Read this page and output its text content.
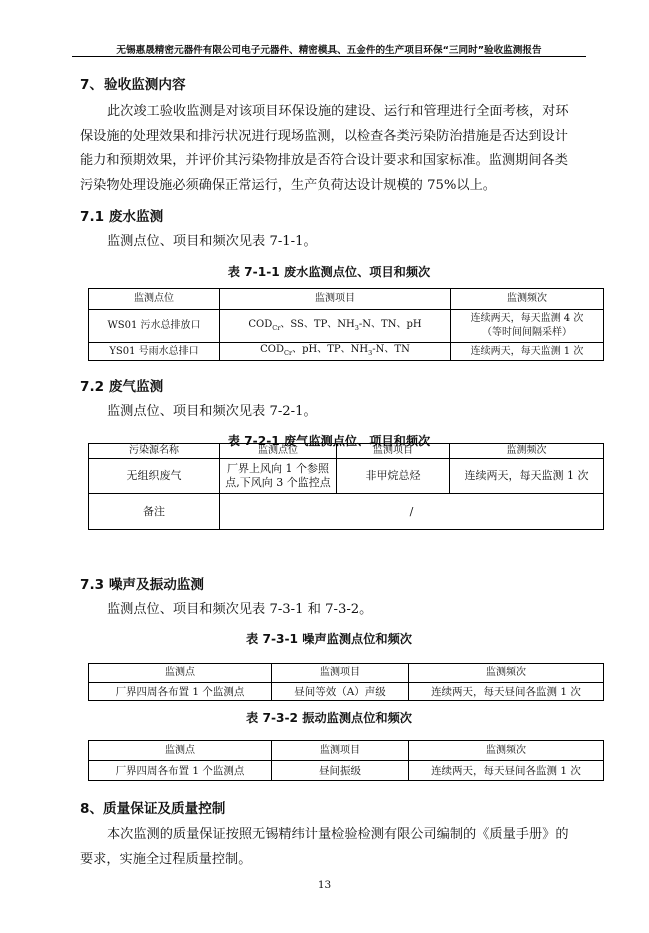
无锡惠晟精密元器件有限公司电子元器件、精密模具、五金件的生产项目环保“三同时”验收监测报告
7、验收监测内容
此次竣工验收监测是对该项目环保设施的建设、运行和管理进行全面考核，对环
保设施的处理效果和排污状况进行现场监测，以检查各类污染防治措施是否达到设计
能力和预期效果，并评价其污染物排放是否符合设计要求和国家标准。监测期间各类
污染物处理设施必须确保正常运行，生产负荷达设计规模的 75%以上。
7.1 废水监测
监测点位、项目和频次见表 7-1-1。
表 7-1-1 废水监测点位、项目和频次
监测点位	监测项目	监测频次
WS01 污水总排放口	$COD_{Cr}$、SS、TP、$NH_3-N$、TN、pH	连续两天，每天监测 4 次
（等时间间隔采样）

YS01 号雨水总排口	$COD_{Cr}$、pH、TP、$NH_3-N$、TN	连续两天，每天监测 1 次
7.2 废气监测
监测点位、项目和频次见表 7-2-1。
表 7-2-1 废气监测点位、项目和频次
污染源名称	监测点位	监测项目	监测频次
无组织废气	厂界上风向 1 个参照
点,下风向 3 个监控点	非甲烷总烃	连续两天，每天监测 1 次
备注	/		
7.3 噪声及振动监测
监测点位、项目和频次见表 7-3-1 和 7-3-2。
表 7-3-1 噪声监测点位和频次
监测点	监测项目	监测频次
厂界四周各布置 1 个监测点	昼间等效（A）声级	连续两天，每天昼间各监测 1 次
表 7-3-2 振动监测点位和频次
监测点	监测项目	监测频次
厂界四周各布置 1 个监测点	昼间振级	连续两天，每天昼间各监测 1 次
8、质量保证及质量控制
本次监测的质量保证按照无锡精纬计量检验检测有限公司编制的《质量手册》的
要求，实施全过程质量控制。
13
